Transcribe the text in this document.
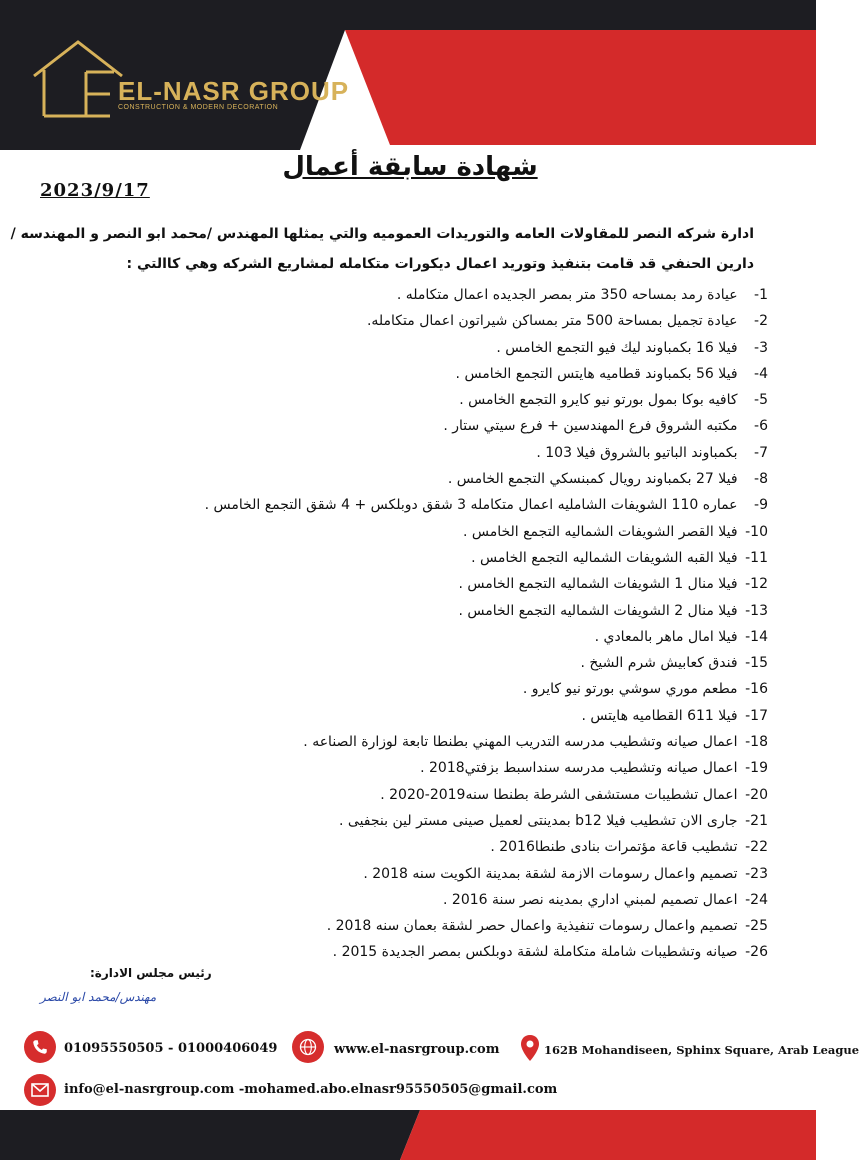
EL-NASR GROUP
CONSTRUCTION & MODERN DECORATION
شهادة سابقة أعمال
2023/9/17
ادارة شركه النصر للمقاولات العامه والتوريدات العموميه والتي يمثلها المهندس /محمد ابو النصر و المهندسه /
دارين الحنفي قد قامت بتنفيذ وتوريد اعمال ديكورات متكامله لمشاريع الشركه وهي كاالتي :
1- عيادة رمد بمساحه 350 متر بمصر الجديده اعمال متكامله .
2- عيادة تجميل بمساحة 500 متر بمساكن شيراتون اعمال متكامله.
3- فيلا 16 بكمباوند ليك فيو التجمع الخامس .
4- فيلا 56 بكمباوند قطاميه هايتس التجمع الخامس .
5- كافيه بوكا بمول بورتو نيو كايرو التجمع الخامس .
6- مكتبه الشروق فرع المهندسين + فرع سيتي ستار .
7- بكمباوند الباتيو بالشروق فيلا 103 .
8- فيلا 27 بكمباوند رويال كمبنسكي التجمع الخامس .
9- عماره 110 الشويفات الشامليه اعمال متكامله 3 شقق دوبلكس + 4 شقق التجمع الخامس .
10- فيلا القصر الشويفات الشماليه التجمع الخامس .
11- فيلا القبه الشويفات الشماليه التجمع الخامس .
12- فيلا منال 1 الشويفات الشماليه التجمع الخامس .
13- فيلا منال 2 الشويفات الشماليه التجمع الخامس .
14- فيلا امال ماهر بالمعادي .
15- فندق كعابيش شرم الشيخ .
16- مطعم موري سوشي بورتو نيو كايرو .
17- فيلا 611 القطاميه هايتس .
18- اعمال صيانه وتشطيب مدرسه التدريب المهني بطنطا تابعة لوزارة الصناعه .
19- اعمال صيانه وتشطيب مدرسه سنداسبط بزفتي2018 .
20- اعمال تشطيبات مستشفى الشرطة بطنطا سنه2019-2020 .
21- جارى الان تشطيب فيلا b12 بمدينتى لعميل صينى مستر لين بنجفيى .
22- تشطيب قاعة مؤتمرات بنادى طنطا2016 .
23- تصميم واعمال رسومات الازمة لشقة بمدينة الكويت سنه 2018 .
24- اعمال تصميم لمبني اداري بمدينه نصر سنة 2016 .
25- تصميم واعمال رسومات تنفيذية واعمال حصر لشقة بعمان سنه 2018 .
26- صيانه وتشطيبات شاملة متكاملة لشقة دوبلكس بمصر الجديدة 2015 .
رئيس مجلس الادارة:
مهندس/محمد ابو النصر
01095550505 - 01000406049	www.el-nasrgroup.com	162B Mohandiseen, Sphinx Square, Arab League
info@el-nasrgroup.com -mohamed.abo.elnasr95550505@gmail.com
